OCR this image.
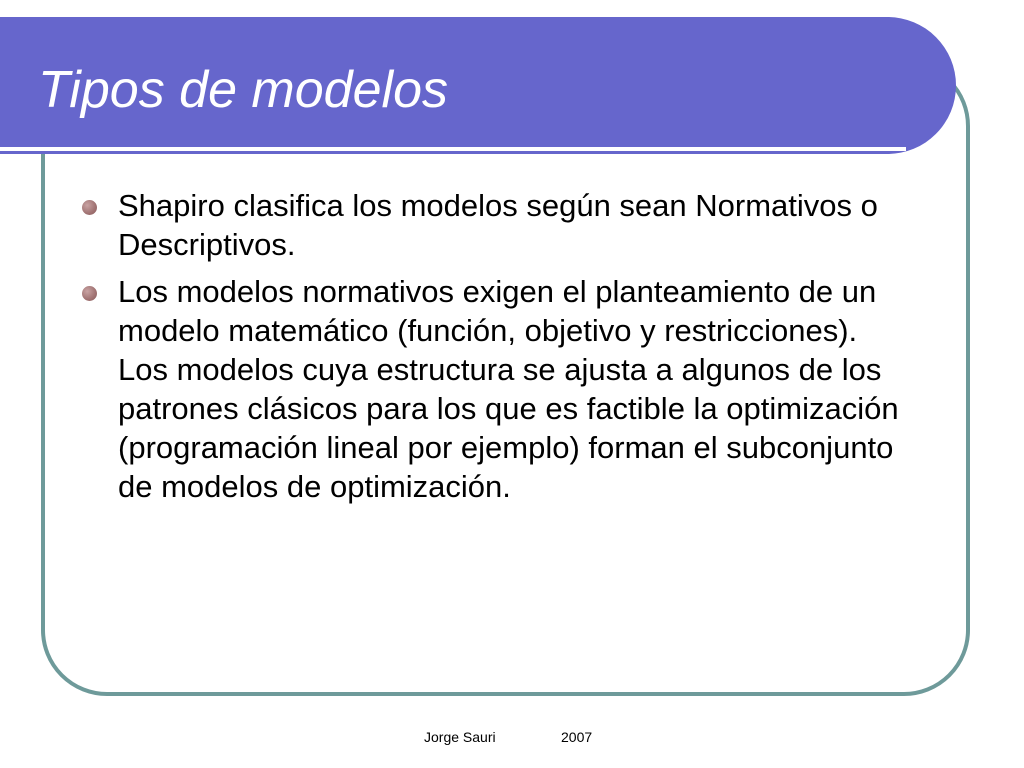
Tipos de modelos
Shapiro clasifica los modelos según sean Normativos o Descriptivos.
Los modelos normativos exigen el planteamiento de un modelo matemático (función, objetivo y restricciones). Los modelos cuya estructura se ajusta a algunos de los patrones clásicos para los que es factible la optimización (programación lineal por ejemplo) forman el subconjunto de modelos de optimización.
Jorge Sauri	2007
